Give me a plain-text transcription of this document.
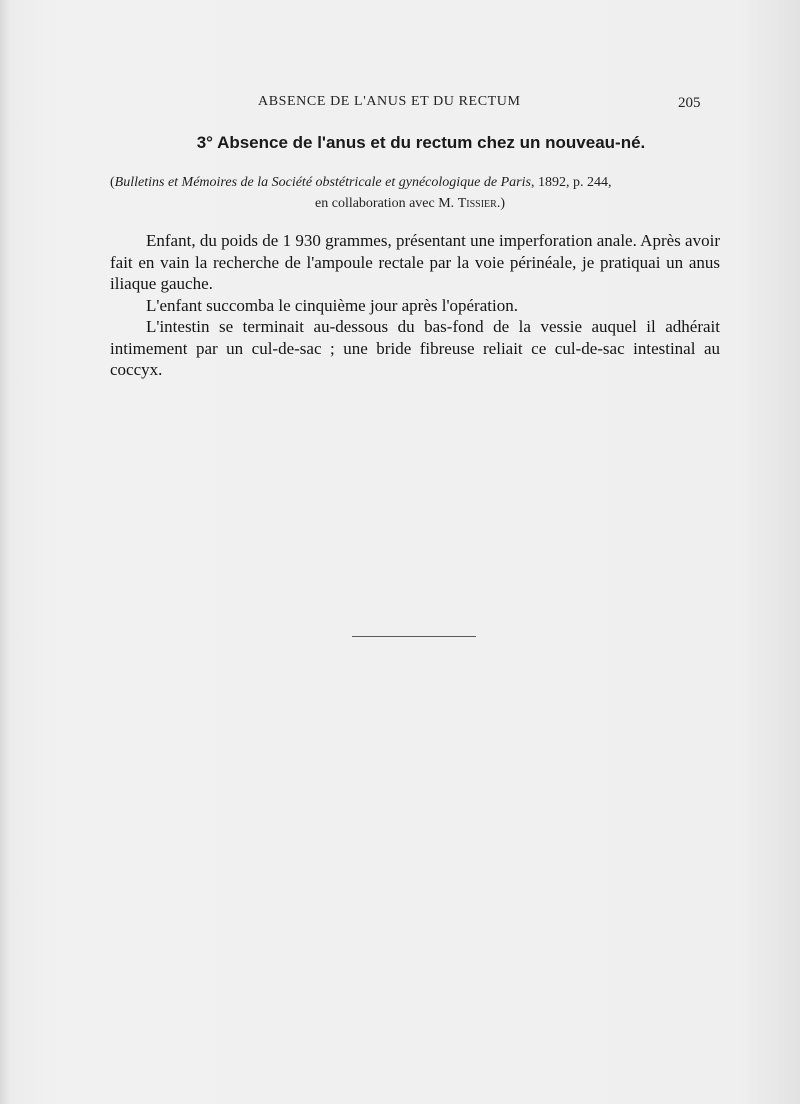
ABSENCE DE L'ANUS ET DU RECTUM	205
3° Absence de l'anus et du rectum chez un nouveau-né.
(Bulletins et Mémoires de la Société obstétricale et gynécologique de Paris, 1892, p. 244,
en collaboration avec M. Tissier.)

Enfant, du poids de 1 930 grammes, présentant une imperforation anale. Après avoir fait en vain la recherche de l'ampoule rectale par la voie périnéale, je pratiquai un anus iliaque gauche.

L'enfant succomba le cinquième jour après l'opération.

L'intestin se terminait au-dessous du bas-fond de la vessie auquel il adhérait intimement par un cul-de-sac ; une bride fibreuse reliait ce cul-de-sac intestinal au coccyx.
